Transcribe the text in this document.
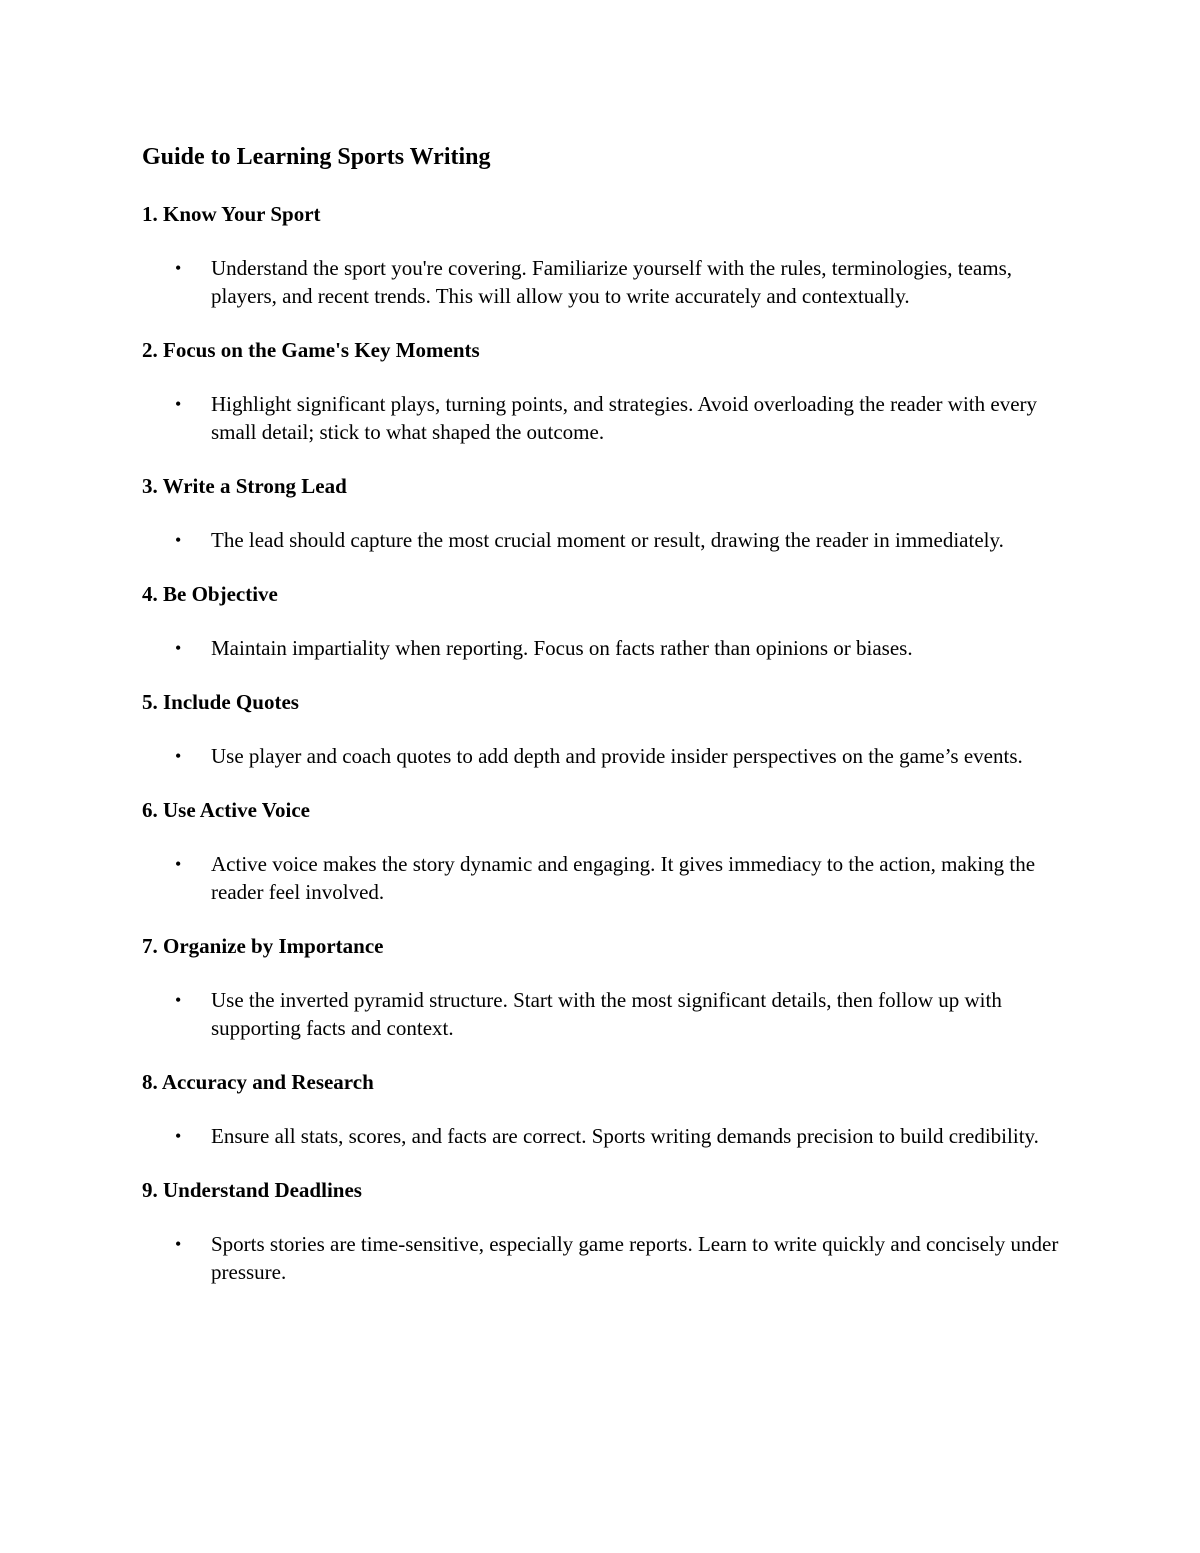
Guide to Learning Sports Writing
1. Know Your Sport
• Understand the sport you're covering. Familiarize yourself with the rules, terminologies, teams, players, and recent trends. This will allow you to write accurately and contextually.
2. Focus on the Game's Key Moments
• Highlight significant plays, turning points, and strategies. Avoid overloading the reader with every small detail; stick to what shaped the outcome.
3. Write a Strong Lead
• The lead should capture the most crucial moment or result, drawing the reader in immediately.
4. Be Objective
• Maintain impartiality when reporting. Focus on facts rather than opinions or biases.
5. Include Quotes
• Use player and coach quotes to add depth and provide insider perspectives on the game’s events.
6. Use Active Voice
• Active voice makes the story dynamic and engaging. It gives immediacy to the action, making the reader feel involved.
7. Organize by Importance
• Use the inverted pyramid structure. Start with the most significant details, then follow up with supporting facts and context.
8. Accuracy and Research
• Ensure all stats, scores, and facts are correct. Sports writing demands precision to build credibility.
9. Understand Deadlines
• Sports stories are time-sensitive, especially game reports. Learn to write quickly and concisely under pressure.
